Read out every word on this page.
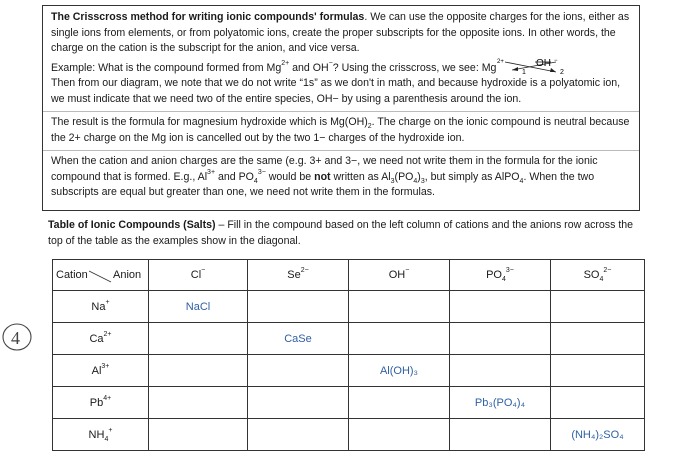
The Crisscross method for writing ionic compounds' formulas. We can use the opposite charges for the ions, either as single ions from elements, or from polyatomic ions, create the proper subscripts for the opposite ions. In other words, the charge on the cation is the subscript for the anion, and vice versa.

Example: What is the compound formed from $Mg^{2+}$ and OH−? Using the crisscross, we see: Mg 2+	OH −
1	2

Then from our diagram, we note that we do not write “1s” as we don't in math, and because hydroxide is a polyatomic ion, we must indicate that we need two of the entire species, OH− by using a parenthesis around the ion.

The result is the formula for magnesium hydroxide which is $Mg(OH)_2$. The charge on the ionic compound is neutral because the 2+ charge on the Mg ion is cancelled out by the two 1− charges of the hydroxide ion.

When the cation and anion charges are the same (e.g. 3+ and 3−, we need not write them in the formula for the ionic compound that is formed. E.g., $Al^{3+}$ and $PO_4^{3-}$ would be not written as $Al_3(PO_4)_3$, but simply as AlPO$_4$. When the two subscripts are equal but greater than one, we need not write them in the formulas.

Table of Ionic Compounds (Salts) – Fill in the compound based on the left column of cations and the anions row across the top of the table as the examples show in the diagonal.
4
Cation Anion	Cl−	$Se^{2-}$	OH−	$PO_4^{3-}$	$SO_4^{2-}$
Na+	NaCl				
$Ca^{2+}$		CaSe			
$Al^{3+}$			Al(OH)₃		
$Pb^{4+}$				Pb₃(PO₄)₄	
$NH_4^+$					(NH₄)₂SO₄
